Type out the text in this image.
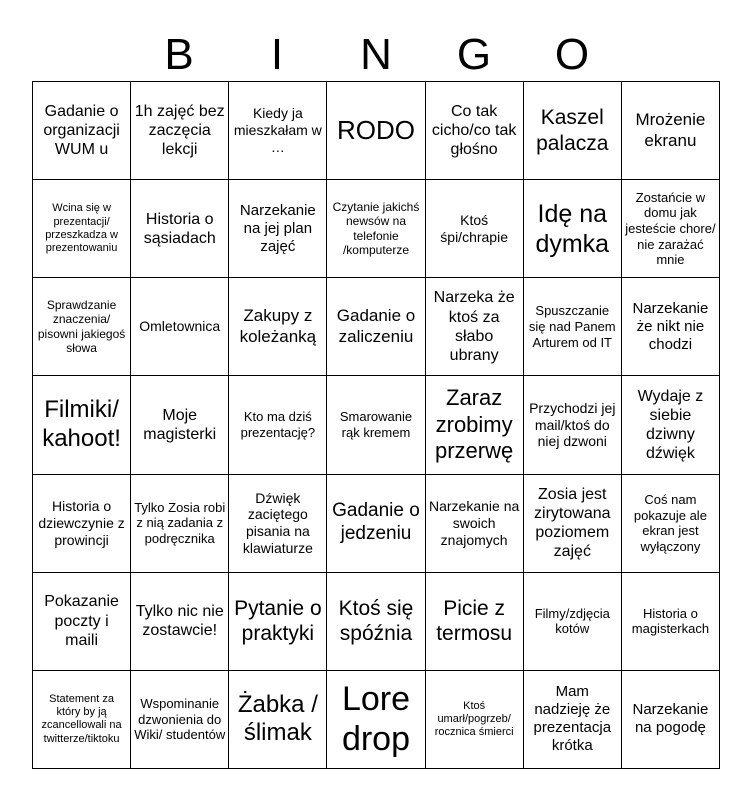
B	I	N	G	O
Gadanie o organizacji WUM u
1h zajęć bez zaczęcia lekcji
Kiedy ja mieszkałam w …
RODO
Co tak cicho/co tak głośno
Kaszel palacza
Mrożenie ekranu
Wcina się w prezentacji/ przeszkadza w prezentowaniu
Historia o sąsiadach
Narzekanie na jej plan zajęć
Czytanie jakichś newsów na telefonie /komputerze
Ktoś śpi/chrapie
Idę na dymka
Zostańcie w domu jak jesteście chore/ nie zarażać mnie
Sprawdzanie znaczenia/ pisowni jakiegoś słowa
Omletownica
Zakupy z koleżanką
Gadanie o zaliczeniu
Narzeka że ktoś za słabo ubrany
Spuszczanie się nad Panem Arturem od IT
Narzekanie że nikt nie chodzi
Filmiki/ kahoot!
Moje magisterki
Kto ma dziś prezentację?
Smarowanie rąk kremem
Zaraz zrobimy przerwę
Przychodzi jej mail/ktoś do niej dzwoni
Wydaje z siebie dziwny dźwięk
Historia o dziewczynie z prowincji
Tylko Zosia robi z nią zadania z podręcznika
Dźwięk zaciętego pisania na klawiaturze
Gadanie o jedzeniu
Narzekanie na swoich znajomych
Zosia jest zirytowana poziomem zajęć
Coś nam pokazuje ale ekran jest wyłączony
Pokazanie poczty i maili
Tylko nic nie zostawcie!
Pytanie o praktyki
Ktoś się spóźnia
Picie z termosu
Filmy/zdjęcia kotów
Historia o magisterkach
Statement za który by ją zcancellowali na twitterze/tiktoku
Wspominanie dzwonienia do Wiki/ studentów
Żabka /ślimak
Lore drop
Ktoś umarł/pogrzeb/ rocznica śmierci
Mam nadzieję że prezentacja krótka
Narzekanie na pogodę
